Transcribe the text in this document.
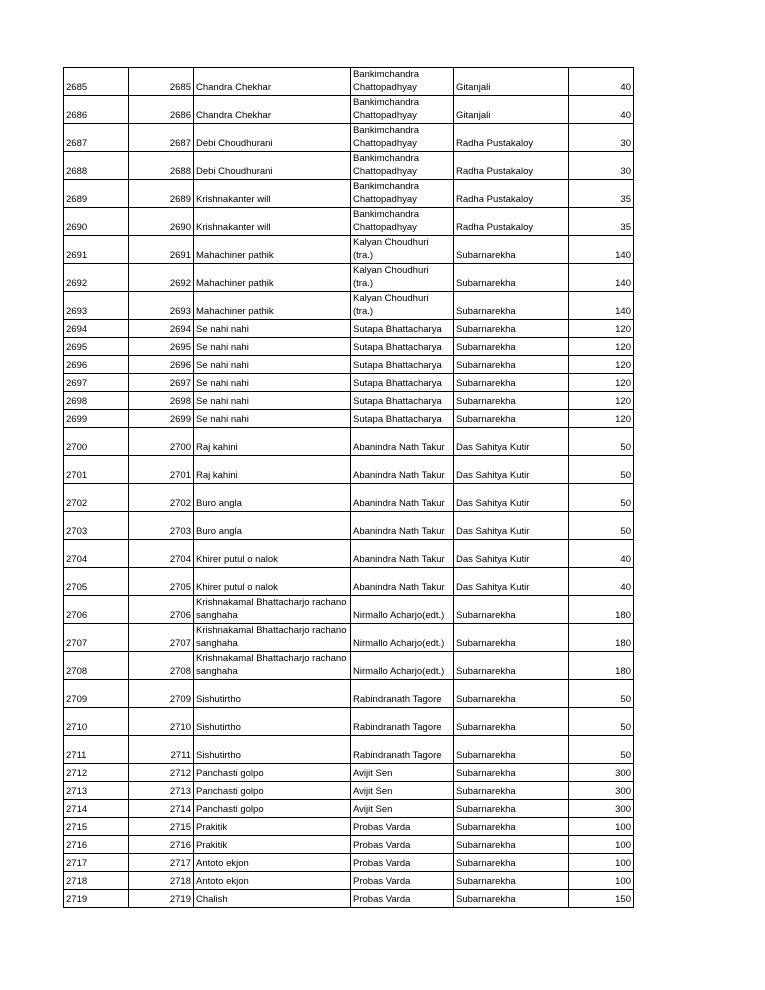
2685	2685	Chandra Chekhar	Bankimchandra Chattopadhyay	Gitanjali	40
2686	2686	Chandra Chekhar	Bankimchandra Chattopadhyay	Gitanjali	40
2687	2687	Debi Choudhurani	Bankimchandra Chattopadhyay	Radha Pustakaloy	30
2688	2688	Debi Choudhurani	Bankimchandra Chattopadhyay	Radha Pustakaloy	30
2689	2689	Krishnakanter will	Bankimchandra Chattopadhyay	Radha Pustakaloy	35
2690	2690	Krishnakanter will	Bankimchandra Chattopadhyay	Radha Pustakaloy	35
2691	2691	Mahachiner pathik	Kalyan Choudhuri (tra.)	Subarnarekha	140
2692	2692	Mahachiner pathik	Kalyan Choudhuri (tra.)	Subarnarekha	140
2693	2693	Mahachiner pathik	Kalyan Choudhuri (tra.)	Subarnarekha	140
2694	2694	Se nahi nahi	Sutapa Bhattacharya	Subarnarekha	120
2695	2695	Se nahi nahi	Sutapa Bhattacharya	Subarnarekha	120
2696	2696	Se nahi nahi	Sutapa Bhattacharya	Subarnarekha	120
2697	2697	Se nahi nahi	Sutapa Bhattacharya	Subarnarekha	120
2698	2698	Se nahi nahi	Sutapa Bhattacharya	Subarnarekha	120
2699	2699	Se nahi nahi	Sutapa Bhattacharya	Subarnarekha	120
2700	2700	Raj kahini	Abanindra Nath Takur	Das Sahitya Kutir	50
2701	2701	Raj kahini	Abanindra Nath Takur	Das Sahitya Kutir	50
2702	2702	Buro angla	Abanindra Nath Takur	Das Sahitya Kutir	50
2703	2703	Buro angla	Abanindra Nath Takur	Das Sahitya Kutir	50
2704	2704	Khirer putul o nalok	Abanindra Nath Takur	Das Sahitya Kutir	40
2705	2705	Khirer putul o nalok	Abanindra Nath Takur	Das Sahitya Kutir	40
2706	2706	Krishnakamal Bhattacharjo rachano sanghaha	Nirmallo Acharjo(edt.)	Subarnarekha	180
2707	2707	Krishnakamal Bhattacharjo rachano sanghaha	Nirmallo Acharjo(edt.)	Subarnarekha	180
2708	2708	Krishnakamal Bhattacharjo rachano sanghaha	Nirmallo Acharjo(edt.)	Subarnarekha	180
2709	2709	Sishutirtho	Rabindranath Tagore	Subarnarekha	50
2710	2710	Sishutirtho	Rabindranath Tagore	Subarnarekha	50
2711	2711	Sishutirtho	Rabindranath Tagore	Subarnarekha	50
2712	2712	Panchasti golpo	Avijit Sen	Subarnarekha	300
2713	2713	Panchasti golpo	Avijit Sen	Subarnarekha	300
2714	2714	Panchasti golpo	Avijit Sen	Subarnarekha	300
2715	2715	Prakitik	Probas Varda	Subarnarekha	100
2716	2716	Prakitik	Probas Varda	Subarnarekha	100
2717	2717	Antoto ekjon	Probas Varda	Subarnarekha	100
2718	2718	Antoto ekjon	Probas Varda	Subarnarekha	100
2719	2719	Chalish	Probas Varda	Subarnarekha	150
